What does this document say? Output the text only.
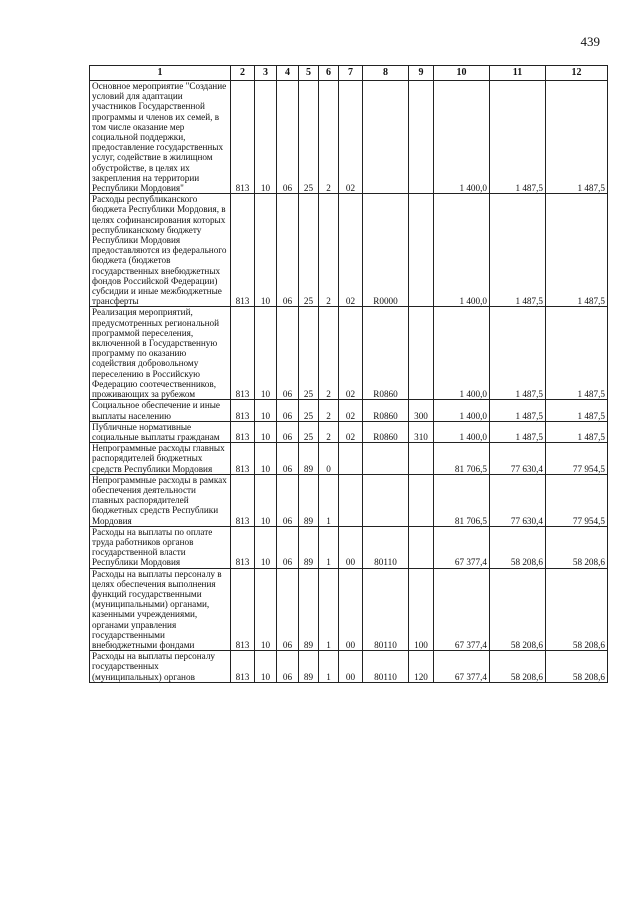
439
1	2	3	4	5	6	7	8	9	10	11	12
Основное мероприятие "Создание условий для адаптации участников Государственной программы и членов их семей, в том числе оказание мер социальной поддержки, предоставление государственных услуг, содействие в жилищном обустройстве, в целях их закрепления на территории Республики Мордовия"	813	10	06	25	2	02			1 400,0	1 487,5	1 487,5
Расходы республиканского бюджета Республики Мордовия, в целях софинансирования которых республиканскому бюджету Республики Мордовия предоставляются из федерального бюджета (бюджетов государственных внебюджетных фондов Российской Федерации) субсидии и иные межбюджетные трансферты	813	10	06	25	2	02	R0000		1 400,0	1 487,5	1 487,5
Реализация мероприятий, предусмотренных региональной программой переселения, включенной в Государственную программу по оказанию содействия добровольному переселению в Российскую Федерацию соотечественников, проживающих за рубежом	813	10	06	25	2	02	R0860		1 400,0	1 487,5	1 487,5
Социальное обеспечение и иные выплаты населению	813	10	06	25	2	02	R0860	300	1 400,0	1 487,5	1 487,5
Публичные нормативные социальные выплаты гражданам	813	10	06	25	2	02	R0860	310	1 400,0	1 487,5	1 487,5
Непрограммные расходы главных распорядителей бюджетных средств Республики Мордовия	813	10	06	89	0				81 706,5	77 630,4	77 954,5
Непрограммные расходы в рамках обеспечения деятельности главных распорядителей бюджетных средств Республики Мордовия	813	10	06	89	1				81 706,5	77 630,4	77 954,5
Расходы на выплаты по оплате труда работников органов государственной власти Республики Мордовия	813	10	06	89	1	00	80110		67 377,4	58 208,6	58 208,6
Расходы на выплаты персоналу в целях обеспечения выполнения функций государственными (муниципальными) органами, казенными учреждениями, органами управления государственными внебюджетными фондами	813	10	06	89	1	00	80110	100	67 377,4	58 208,6	58 208,6
Расходы на выплаты персоналу государственных (муниципальных) органов	813	10	06	89	1	00	80110	120	67 377,4	58 208,6	58 208,6
